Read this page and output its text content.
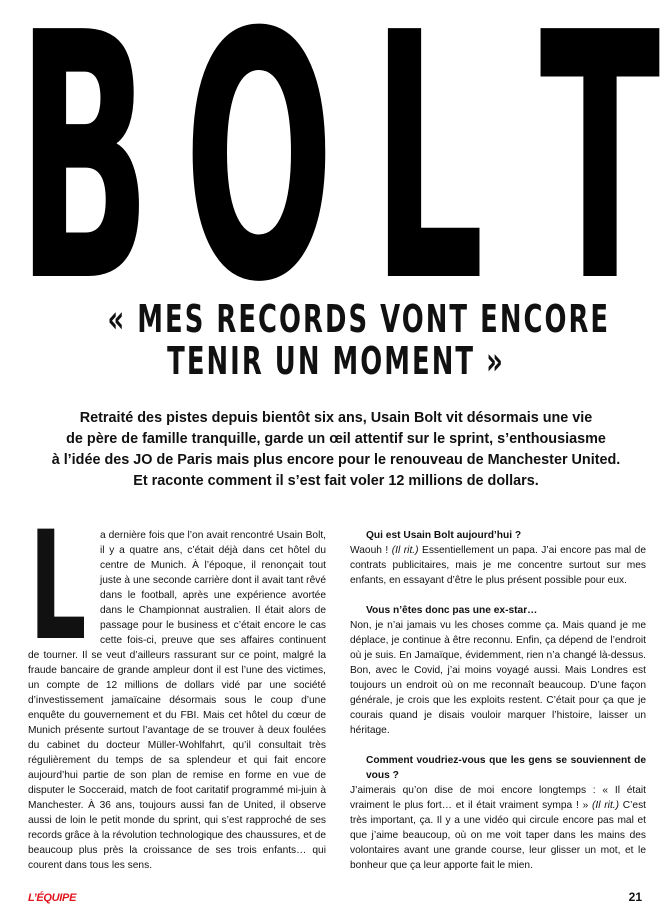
B O L T
« MES RECORDS VONT ENCORE
TENIR UN MOMENT »
Retraité des pistes depuis bientôt six ans, Usain Bolt vit désormais une vie
de père de famille tranquille, garde un œil attentif sur le sprint, s’enthousiasme
à l’idée des JO de Paris mais plus encore pour le renouveau de Manchester United.
Et raconte comment il s’est fait voler 12 millions de dollars.
L a dernière fois que l’on avait rencontré Usain Bolt, il y a quatre ans, c’était déjà dans cet hôtel du centre de Munich. À l’époque, il renonçait tout juste à une seconde carrière dont il avait tant rêvé dans le football, après une expérience avortée dans le Championnat australien. Il était alors de passage pour le business et c’était encore le cas cette fois-ci, preuve que ses affaires continuent de tourner. Il se veut d’ailleurs rassurant sur ce point, malgré la fraude bancaire de grande ampleur dont il est l’une des victimes, un compte de 12 millions de dollars vidé par une société d’investissement jamaïcaine désormais sous le coup d’une enquête du gouvernement et du FBI. Mais cet hôtel du cœur de Munich présente surtout l’avantage de se trouver à deux foulées du cabinet du docteur Müller-Wohlfahrt, qu’il consultait très régulièrement du temps de sa splendeur et qui fait encore aujourd’hui partie de son plan de remise en forme en vue de disputer le Socceraid, match de foot caritatif programmé mi-juin à Manchester. À 36 ans, toujours aussi fan de United, il observe aussi de loin le petit monde du sprint, qui s’est rapproché de ses records grâce à la révolution technologique des chaussures, et de beaucoup plus près la croissance de ses trois enfants… qui courent dans tous les sens.

Qui est Usain Bolt aujourd’hui ?

Waouh ! (Il rit.) Essentiellement un papa. J’ai encore pas mal de contrats publicitaires, mais je me concentre surtout sur mes enfants, en essayant d’être le plus présent possible pour eux.

Vous n’êtes donc pas une ex-star…

Non, je n’ai jamais vu les choses comme ça. Mais quand je me déplace, je continue à être reconnu. Enfin, ça dépend de l’endroit où je suis. En Jamaïque, évidemment, rien n’a changé là-dessus. Bon, avec le Covid, j’ai moins voyagé aussi. Mais Londres est toujours un endroit où on me reconnaît beaucoup. D’une façon générale, je crois que les exploits restent. C’était pour ça que je courais quand je disais vouloir marquer l’histoire, laisser un héritage.

Comment voudriez-vous que les gens se souviennent de vous ?

J’aimerais qu’on dise de moi encore longtemps : « Il était vraiment le plus fort… et il était vraiment sympa ! » (Il rit.) C’est très important, ça. Il y a une vidéo qui circule encore pas mal et que j’aime beaucoup, où on me voit taper dans les mains des volontaires avant une grande course, leur glisser un mot, et le bonheur que ça leur apporte fait le mien.

L’ÉQUIPE	21
